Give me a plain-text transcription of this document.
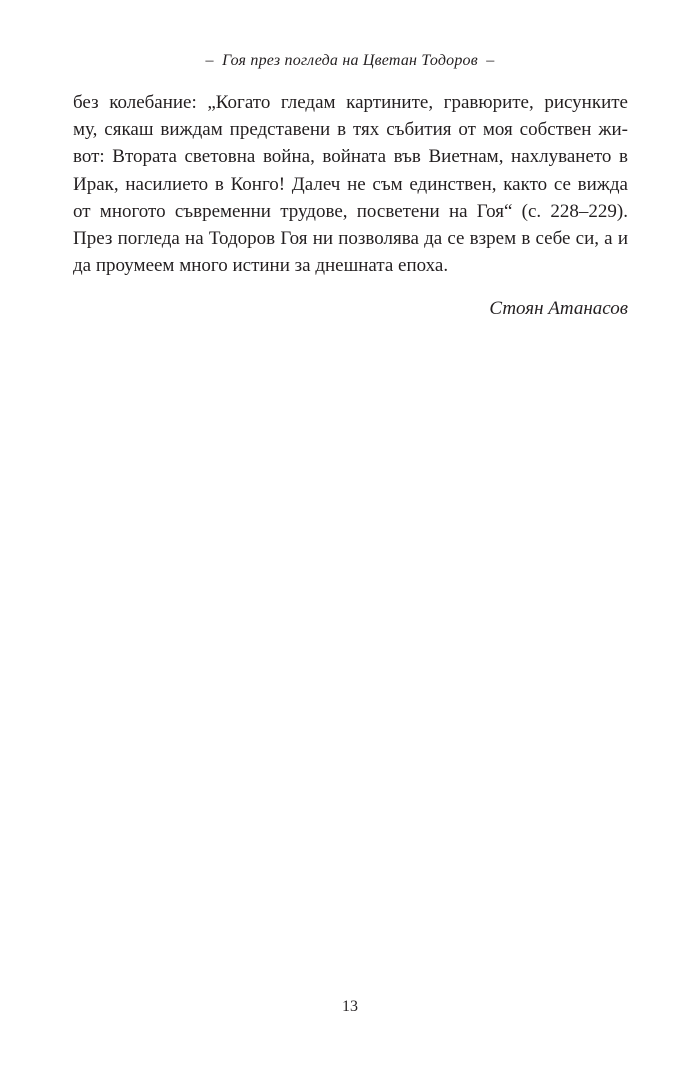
–  Гоя през погледа на Цветан Тодоров  –
без колебание: „Когато гледам картините, гравюрите, рисунките
му, сякаш виждам представени в тях събития от моя собствен жи-
вот: Втората световна война, войната във Виетнам, нахлуването в
Ирак, насилието в Конго! Далеч не съм единствен, както се вижда
от многото съвременни трудове, посветени на Гоя“ (с. 228–229).
През погледа на Тодоров Гоя ни позволява да се взрем в себе си, а и
да проумеем много истини за днешната епоха.
Стоян Атанасов
13
